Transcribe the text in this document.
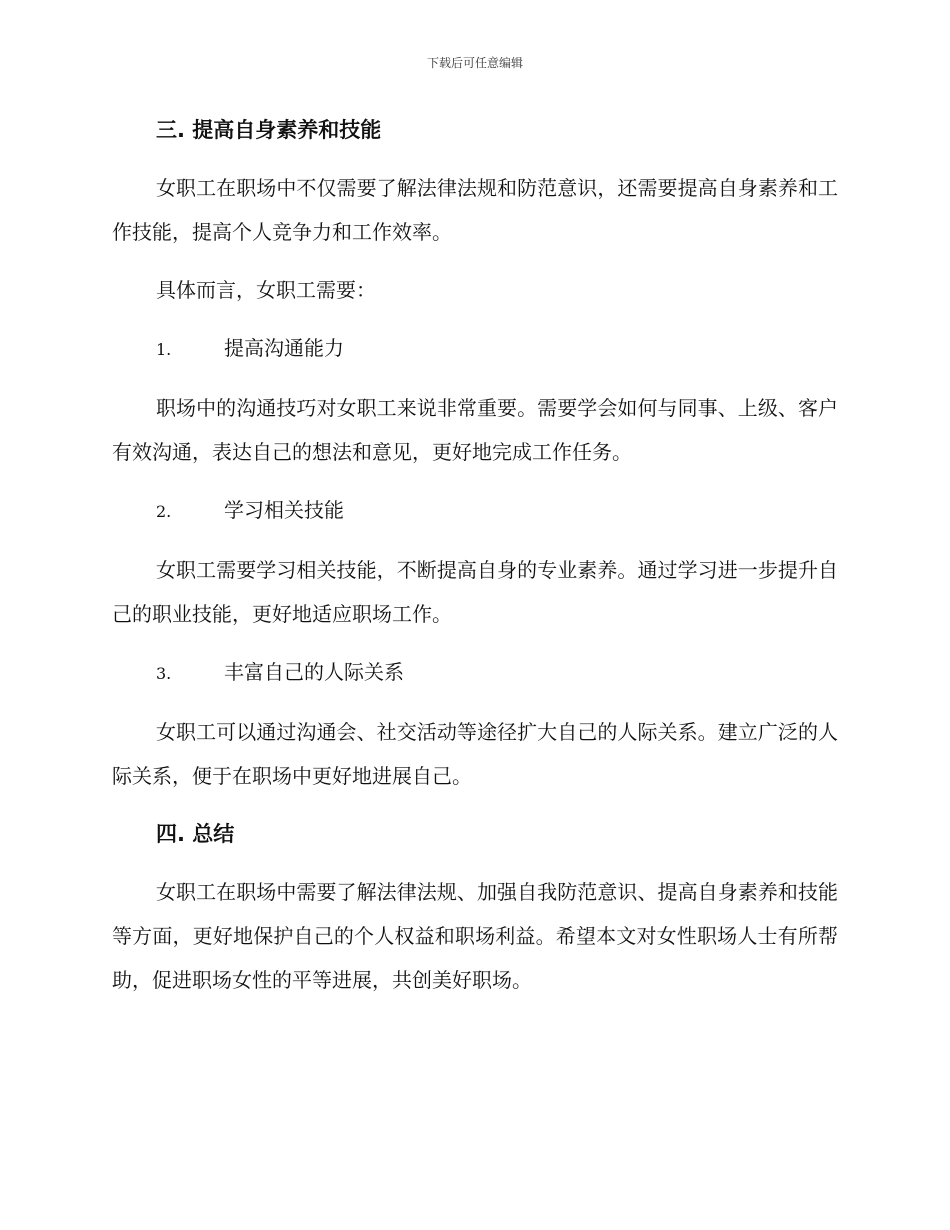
下载后可任意编辑
三. 提高自身素养和技能

女职工在职场中不仅需要了解法律法规和防范意识，还需要提高自身素养和工作技能，提高个人竞争力和工作效率。

具体而言，女职工需要：

1.	提高沟通能力

职场中的沟通技巧对女职工来说非常重要。需要学会如何与同事、上级、客户有效沟通，表达自己的想法和意见，更好地完成工作任务。

2.	学习相关技能

女职工需要学习相关技能，不断提高自身的专业素养。通过学习进一步提升自己的职业技能，更好地适应职场工作。

3.	丰富自己的人际关系

女职工可以通过沟通会、社交活动等途径扩大自己的人际关系。建立广泛的人际关系，便于在职场中更好地进展自己。

四. 总结

女职工在职场中需要了解法律法规、加强自我防范意识、提高自身素养和技能等方面，更好地保护自己的个人权益和职场利益。希望本文对女性职场人士有所帮助，促进职场女性的平等进展，共创美好职场。
